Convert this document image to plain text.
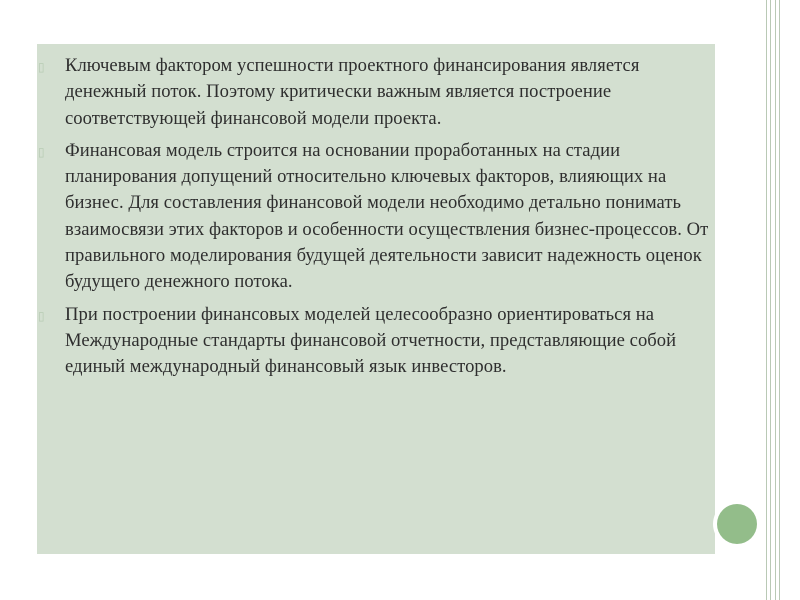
▯ Ключевым фактором успешности проектного финансирования является денежный поток. Поэтому критически важным является построение соответствующей финансовой модели проекта.
▯ Финансовая модель строится на основании проработанных на стадии планирования допущений относительно ключевых факторов, влияющих на бизнес. Для составления финансовой модели необходимо детально понимать взаимосвязи этих факторов и особенности осуществления бизнес-процессов. От правильного моделирования будущей деятельности зависит надежность оценок будущего денежного потока.
▯ При построении финансовых моделей целесообразно ориентироваться на Международные стандарты финансовой отчетности, представляющие собой единый международный финансовый язык инвесторов.
